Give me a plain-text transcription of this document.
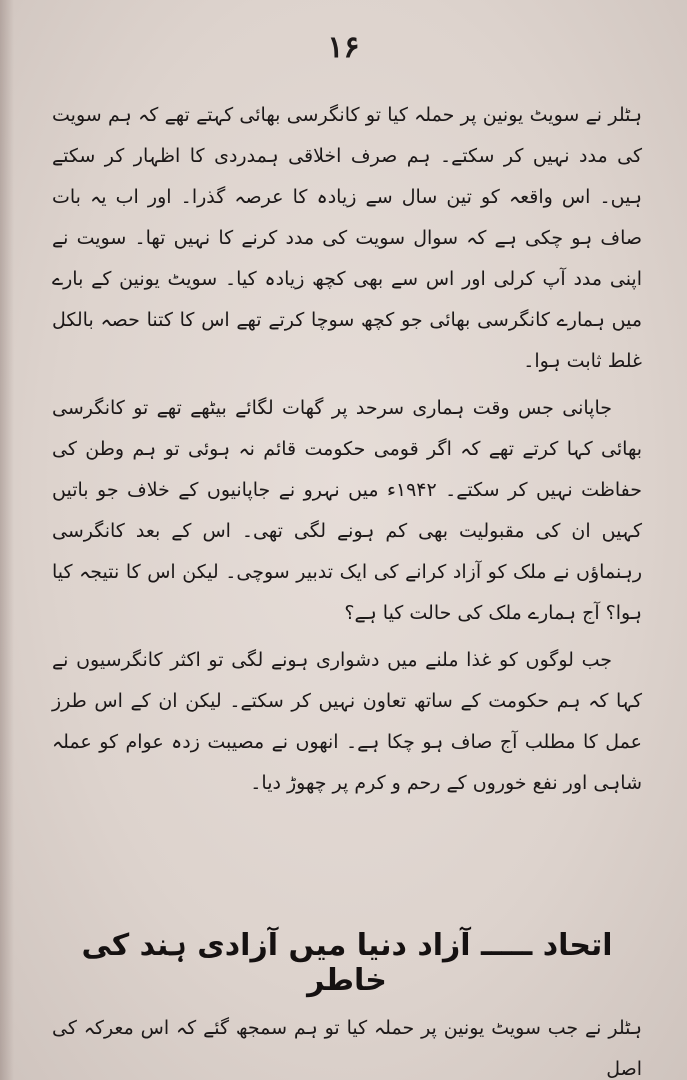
۱۶

ہٹلر نے سویٹ یونین پر حملہ کیا تو کانگرسی بھائی کہتے تھے کہ ہم سویت کی مدد نہیں کر سکتے۔ ہم صرف اخلاقی ہمدردی کا اظہار کر سکتے ہیں۔ اس واقعہ کو تین سال سے زیادہ کا عرصہ گذرا۔ اور اب یہ بات صاف ہو چکی ہے کہ سوال سویت کی مدد کرنے کا نہیں تھا۔ سویت نے اپنی مدد آپ کرلی اور اس سے بھی کچھ زیادہ کیا۔ سویٹ یونین کے بارے میں ہمارے کانگرسی بھائی جو کچھ سوچا کرتے تھے اس کا کتنا حصہ بالکل غلط ثابت ہوا۔

جاپانی جس وقت ہماری سرحد پر گھات لگائے بیٹھے تھے تو کانگرسی بھائی کہا کرتے تھے کہ اگر قومی حکومت قائم نہ ہوئی تو ہم وطن کی حفاظت نہیں کر سکتے۔ ۱۹۴۲ء میں نہرو نے جاپانیوں کے خلاف جو باتیں کہیں ان کی مقبولیت بھی کم ہونے لگی تھی۔ اس کے بعد کانگرسی رہنماؤں نے ملک کو آزاد کرانے کی ایک تدبیر سوچی۔ لیکن اس کا نتیجہ کیا ہوا؟ آج ہمارے ملک کی حالت کیا ہے؟

جب لوگوں کو غذا ملنے میں دشواری ہونے لگی تو اکثر کانگرسیوں نے کہا کہ ہم حکومت کے ساتھ تعاون نہیں کر سکتے۔ لیکن ان کے اس طرز عمل کا مطلب آج صاف ہو چکا ہے۔ انھوں نے مصیبت زدہ عوام کو عملہ شاہی اور نفع خوروں کے رحم و کرم پر چھوڑ دیا۔

اتحاد ـــــ آزاد دنیا میں آزادی ہند کی خاطر
ہٹلر نے جب سویٹ یونین پر حملہ کیا تو ہم سمجھ گئے کہ اس معرکہ کی اصل
